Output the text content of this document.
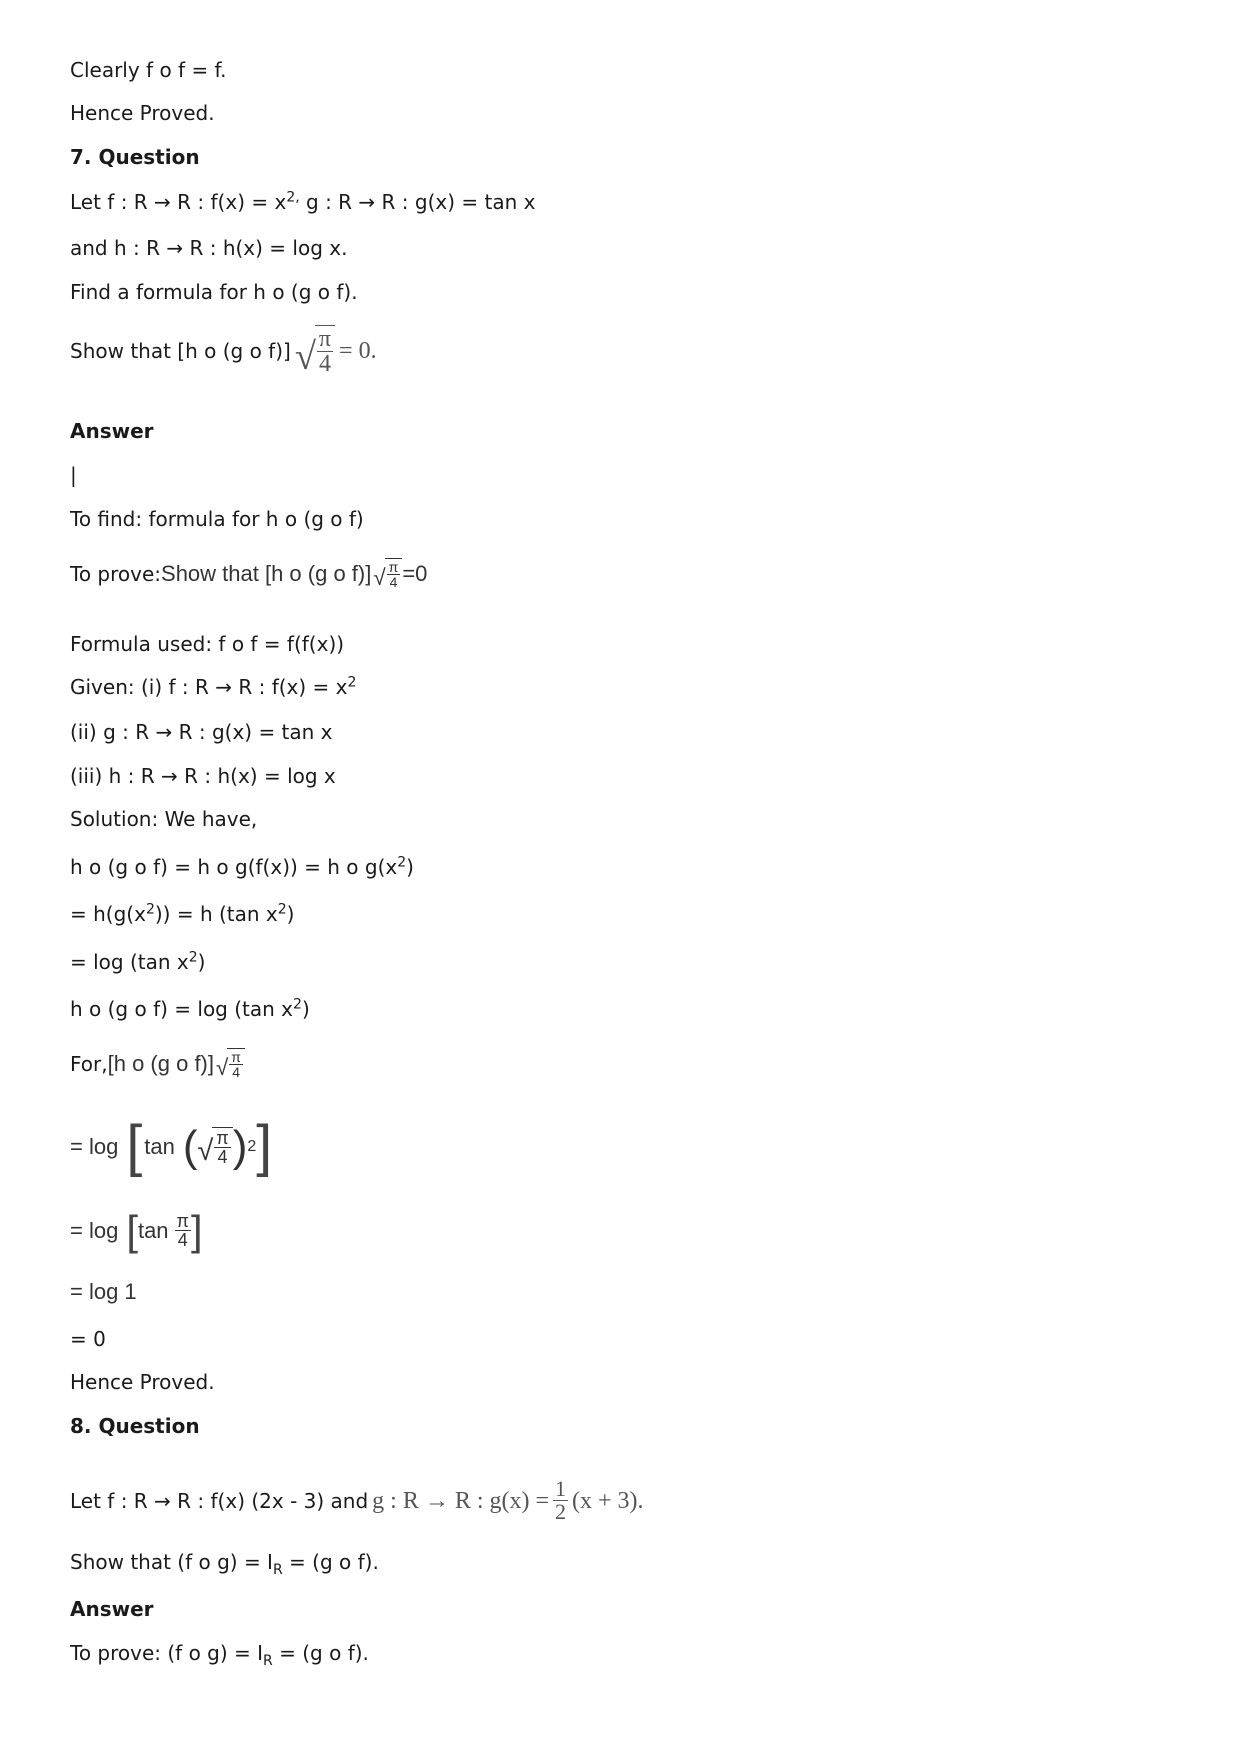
Clearly f o f = f.
Hence Proved.
7. Question
Let f : R → R : $f(x) = x^{2,}$ g : R → R : g(x) = tan x
and h : R → R : h(x) = log x.
Find a formula for h o (g o f).
Show that [h o (g o f)] √ $\frac{\pi}{4} = 0$.
Answer
|
To find: formula for h o (g o f)
To prove: Show that [h o (g o f)] √ $\frac{\pi}{4} =0$
Formula used: f o f = f(f(x))
Given: (i) f : R → R : $f(x) = x^2$
(ii) g : R → R : g(x) = tan x
(iii) h : R → R : h(x) = log x
Solution: We have,
h o (g o f) = h o g(f(x)) = h o $g(x^2)$
= $h(g(x^2)) = h$ (tan $x^2$)
= log (tan $x^2$)
h o (g o f) = log (tan $x^2$)
For, [h o (g o f)] √ $\frac{\pi}{4}$
= log [ tan ( √ $\frac{\pi}{4}$ ) 2 ]
= log [ $\tan \frac{\pi}{4}$ ]
= log 1
= 0
Hence Proved.
8. Question
Let f : R → R : f(x) (2x - 3) and g : R → R : $g(x) = \frac{1}{2} (x + 3)$.
Show that (f o $g) = I_R = (g$ o f).
Answer
To prove: (f o $g) = I_R = (g$ o f).
